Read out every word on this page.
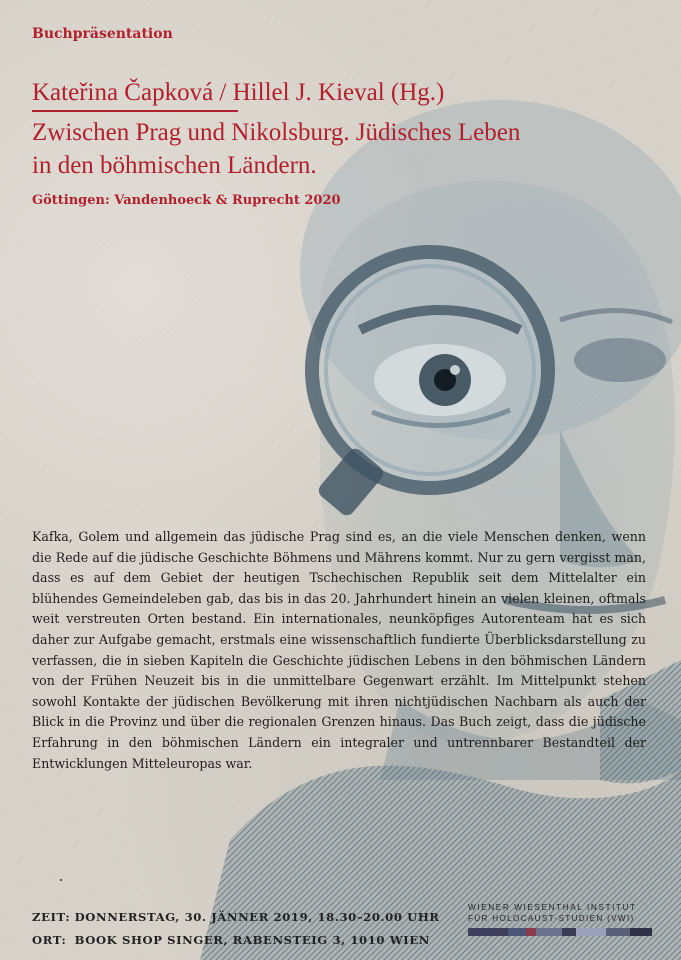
Buchpräsentation
Kateřina Čapková / Hillel J. Kieval (Hg.)
Zwischen Prag und Nikolsburg. Jüdisches Leben
in den böhmischen Ländern.
Göttingen: Vandenhoeck & Ruprecht 2020
Kafka, Golem und allgemein das jüdische Prag sind es, an die viele Menschen denken, wenn die Rede auf die jüdische Geschichte Böhmens und Mährens kommt. Nur zu gern vergisst man, dass es auf dem Gebiet der heutigen Tschechischen Republik seit dem Mittelalter ein blühendes Gemeindeleben gab, das bis in das 20. Jahrhundert hinein an vielen kleinen, oftmals weit verstreuten Orten bestand. Ein internationales, neunköpfiges Autorenteam hat es sich daher zur Aufgabe gemacht, erstmals eine wissenschaftlich fundierte Überblicksdarstellung zu verfassen, die in sieben Kapiteln die Geschichte jüdischen Lebens in den böhmischen Ländern von der Frühen Neuzeit bis in die unmittelbare Gegenwart erzählt. Im Mittelpunkt stehen sowohl Kontakte der jüdischen Bevölkerung mit ihren nichtjüdischen Nachbarn als auch der Blick in die Provinz und über die regionalen Grenzen hinaus. Das Buch zeigt, dass die jüdische Erfahrung in den böhmischen Ländern ein integraler und untrennbarer Bestandteil der Entwicklungen Mitteleuropas war.
ZEIT: DONNERSTAG, 30. JÄNNER 2019, 18.30–20.00 UHR
ORT: BOOK SHOP SINGER, RABENSTEIG 3, 1010 WIEN
WIENER WIESENTHAL INSTITUT
FÜR HOLOCAUST-STUDIEN (VWI)
